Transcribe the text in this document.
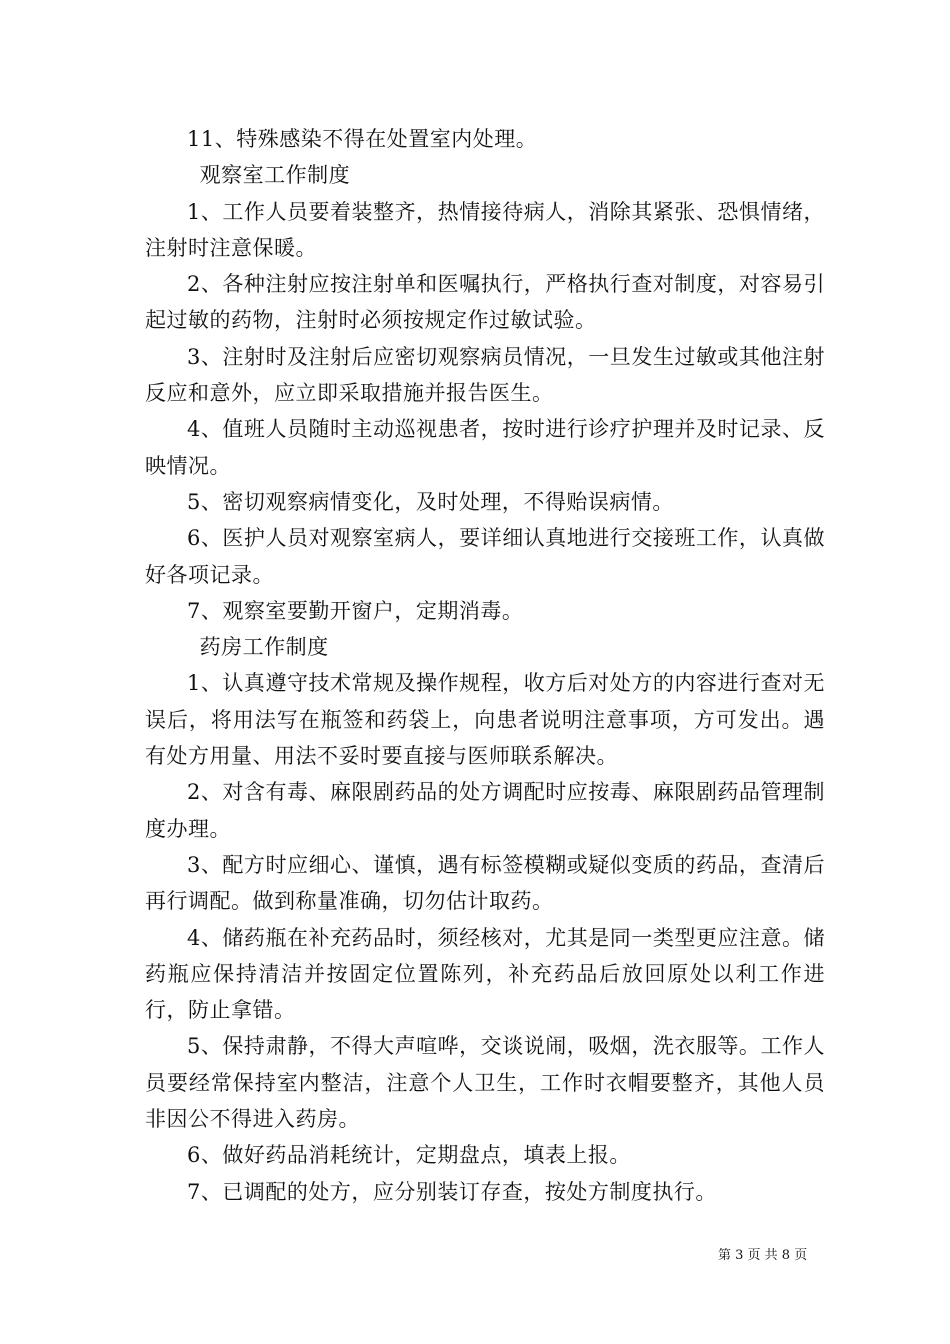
11、特殊感染不得在处置室内处理。

观察室工作制度

1、工作人员要着装整齐，热情接待病人，消除其紧张、恐惧情绪，注射时注意保暖。

2、各种注射应按注射单和医嘱执行，严格执行查对制度，对容易引起过敏的药物，注射时必须按规定作过敏试验。

3、注射时及注射后应密切观察病员情况，一旦发生过敏或其他注射反应和意外，应立即采取措施并报告医生。

4、值班人员随时主动巡视患者，按时进行诊疗护理并及时记录、反映情况。

5、密切观察病情变化，及时处理，不得贻误病情。

6、医护人员对观察室病人，要详细认真地进行交接班工作，认真做好各项记录。

7、观察室要勤开窗户，定期消毒。

药房工作制度

1、认真遵守技术常规及操作规程，收方后对处方的内容进行查对无误后，将用法写在瓶签和药袋上，向患者说明注意事项，方可发出。遇有处方用量、用法不妥时要直接与医师联系解决。

2、对含有毒、麻限剧药品的处方调配时应按毒、麻限剧药品管理制度办理。

3、配方时应细心、谨慎，遇有标签模糊或疑似变质的药品，查清后再行调配。做到称量准确，切勿估计取药。

4、储药瓶在补充药品时，须经核对，尤其是同一类型更应注意。储药瓶应保持清洁并按固定位置陈列，补充药品后放回原处以利工作进行，防止拿错。

5、保持肃静，不得大声喧哗，交谈说闹，吸烟，洗衣服等。工作人员要经常保持室内整洁，注意个人卫生，工作时衣帽要整齐，其他人员非因公不得进入药房。

6、做好药品消耗统计，定期盘点，填表上报。

7、已调配的处方，应分别装订存查，按处方制度执行。

第 3 页 共 8 页
